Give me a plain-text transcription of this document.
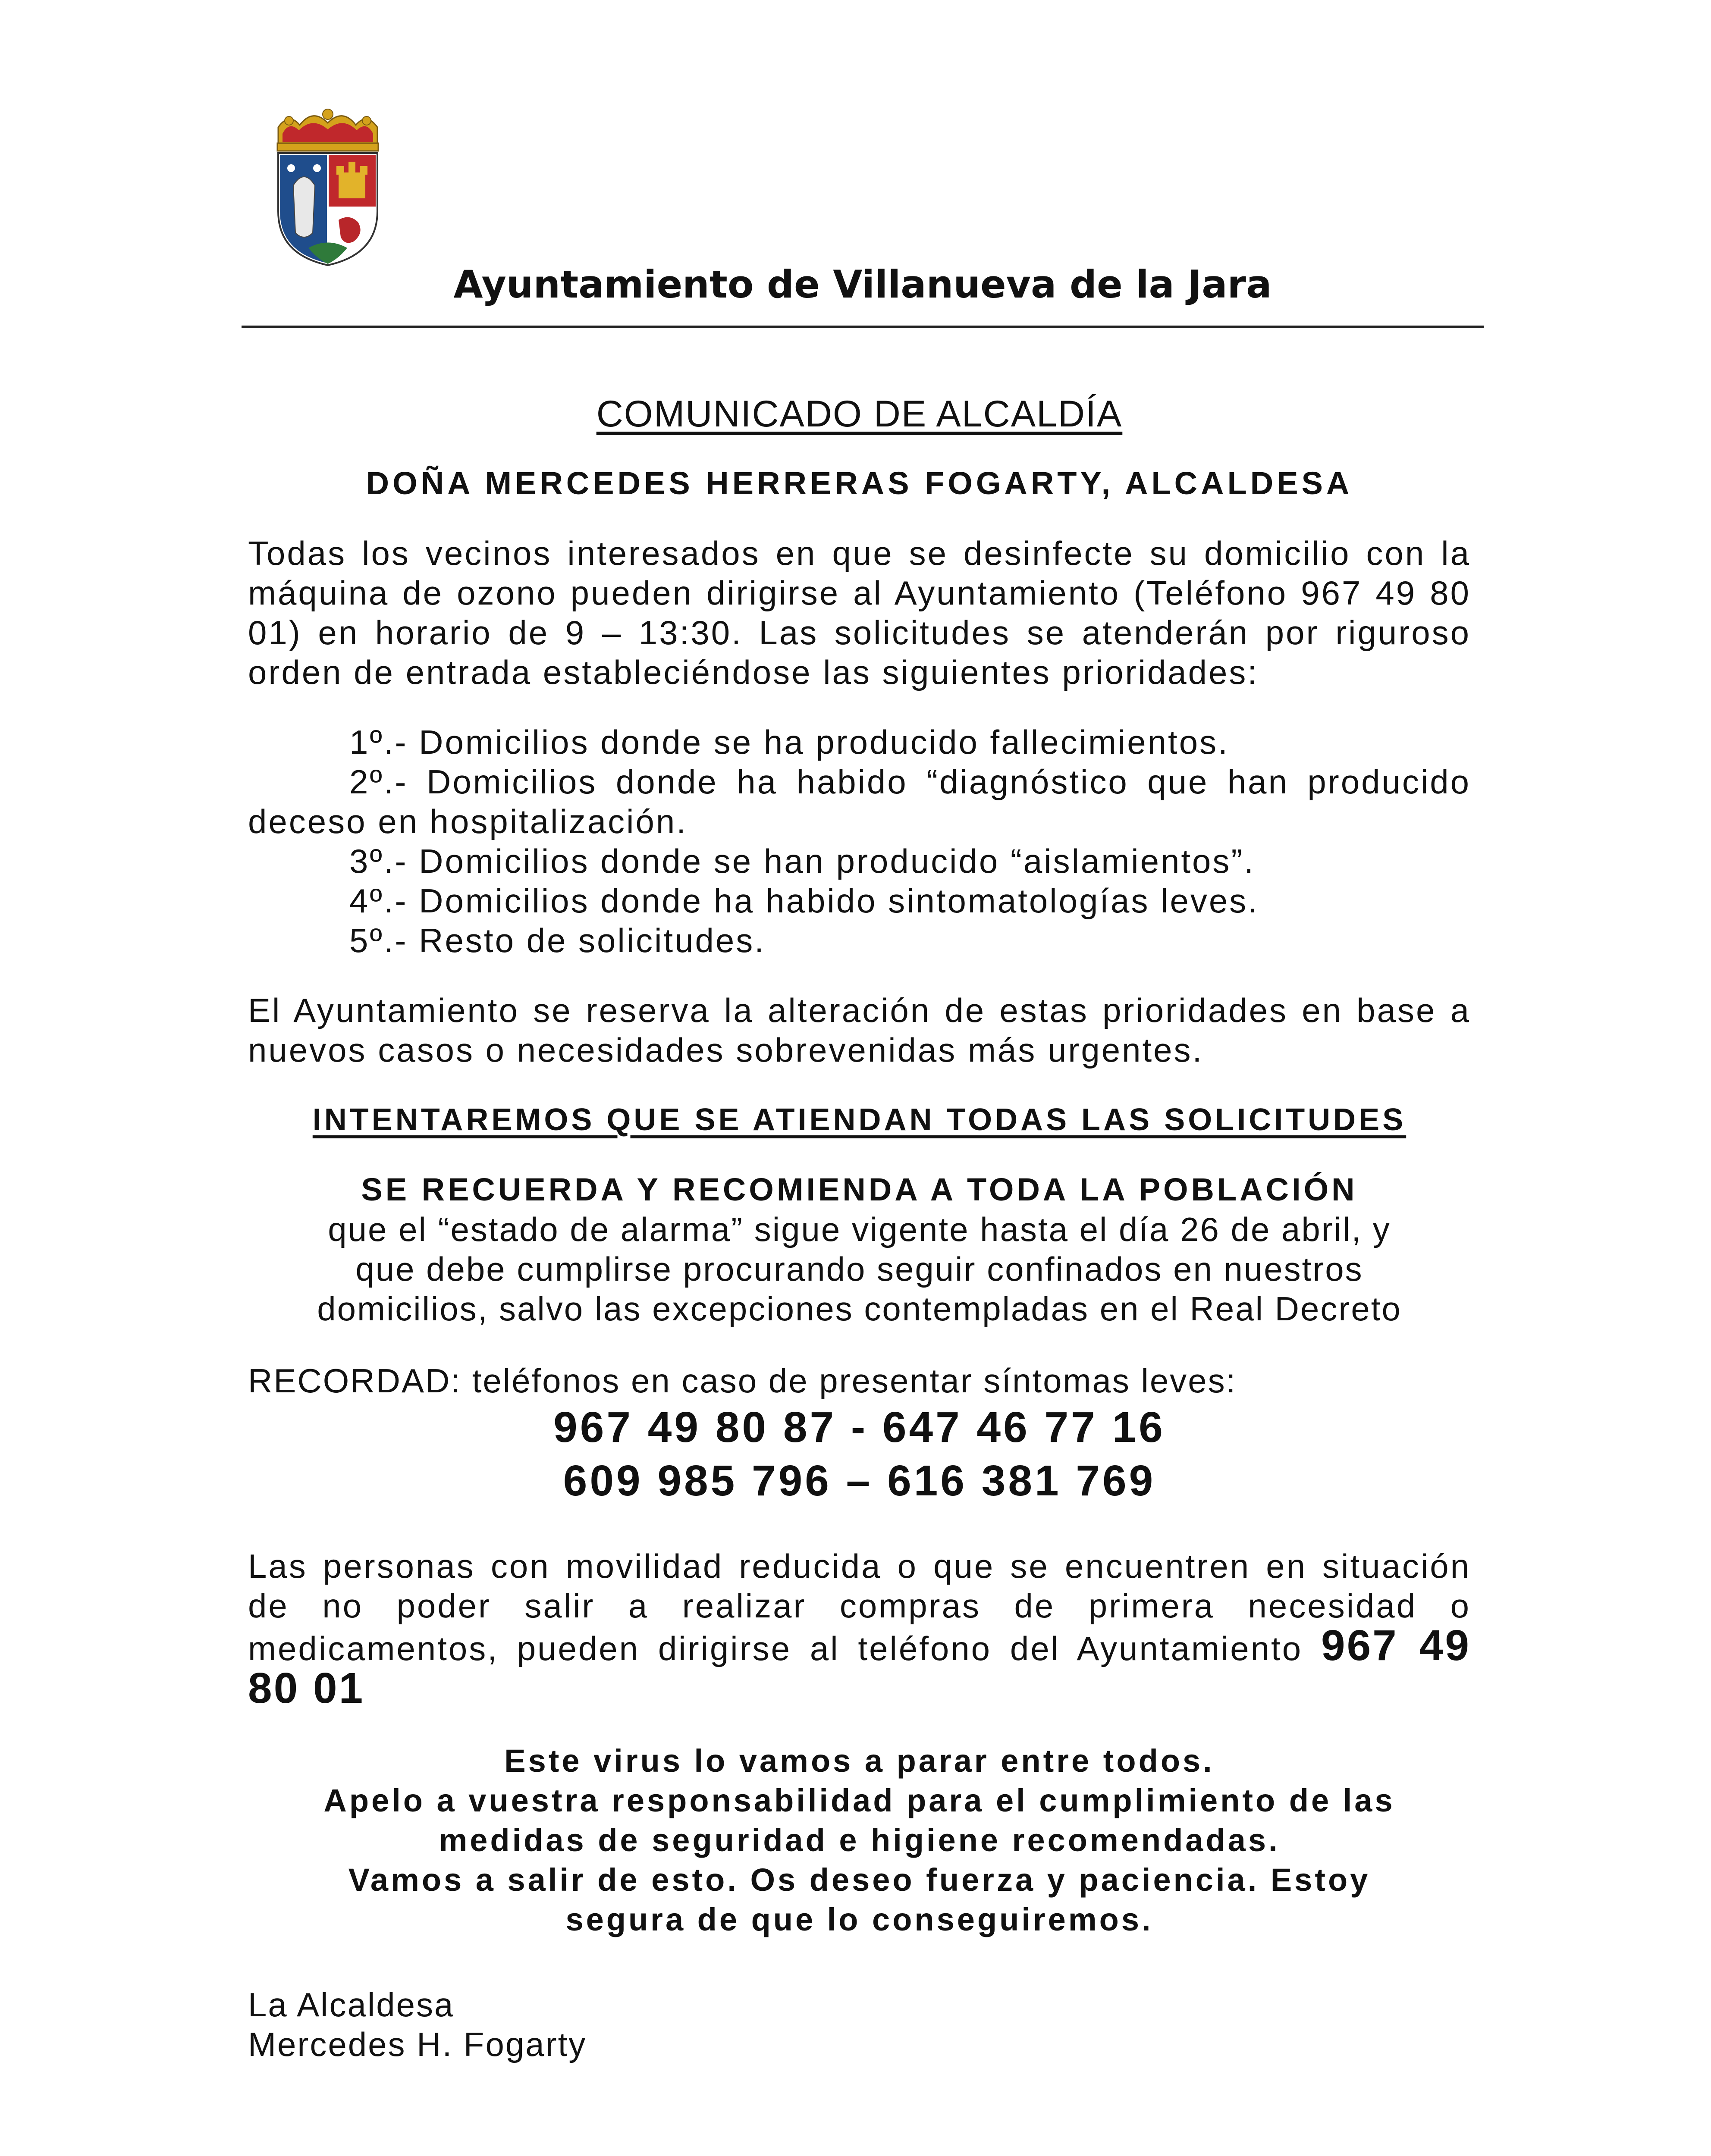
Ayuntamiento de Villanueva de la Jara
COMUNICADO DE ALCALDÍA
DOÑA MERCEDES HERRERAS FOGARTY, ALCALDESA
Todas los vecinos interesados en que se desinfecte su domicilio con la máquina de ozono pueden dirigirse al Ayuntamiento (Teléfono 967 49 80 01) en horario de 9 – 13:30. Las solicitudes se atenderán por riguroso orden de entrada estableciéndose las siguientes prioridades:
1º.- Domicilios donde se ha producido fallecimientos.
2º.- Domicilios donde ha habido “diagnóstico que han producido deceso en hospitalización.
3º.- Domicilios donde se han producido “aislamientos”.
4º.- Domicilios donde ha habido sintomatologías leves.
5º.- Resto de solicitudes.
El Ayuntamiento se reserva la alteración de estas prioridades en base a nuevos casos o necesidades sobrevenidas más urgentes.
INTENTAREMOS QUE SE ATIENDAN TODAS LAS SOLICITUDES
SE RECUERDA Y RECOMIENDA A TODA LA POBLACIÓN
que el “estado de alarma” sigue vigente hasta el día 26 de abril, y
que debe cumplirse procurando seguir confinados en nuestros
domicilios, salvo las excepciones contempladas en el Real Decreto
RECORDAD: teléfonos en caso de presentar síntomas leves:
967 49 80 87 - 647 46 77 16
609 985 796 – 616 381 769
Las personas con movilidad reducida o que se encuentren en situación de no poder salir a realizar compras de primera necesidad o medicamentos, pueden dirigirse al teléfono del Ayuntamiento 967 49 80 01
Este virus lo vamos a parar entre todos.
Apelo a vuestra responsabilidad para el cumplimiento de las
medidas de seguridad e higiene recomendadas.
Vamos a salir de esto. Os deseo fuerza y paciencia. Estoy
segura de que lo conseguiremos.
La Alcaldesa
Mercedes H. Fogarty
